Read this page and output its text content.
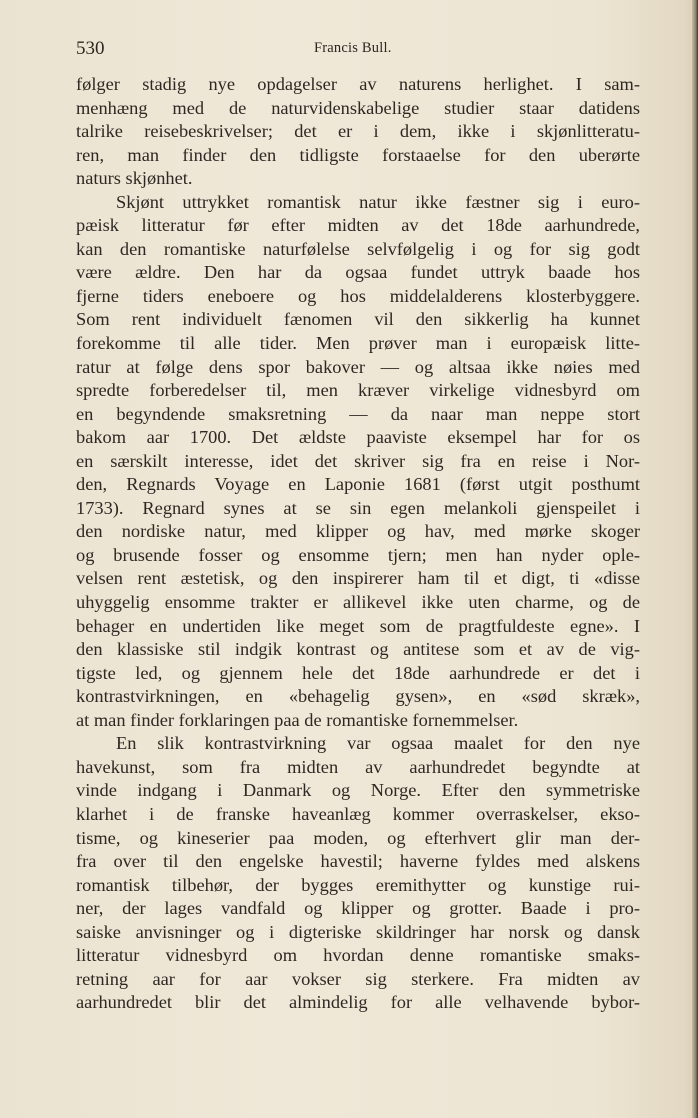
530	Francis Bull.
følger stadig nye opdagelser av naturens herlighet. I sam-
menhæng med de naturvidenskabelige studier staar datidens
talrike reisebeskrivelser; det er i dem, ikke i skjønlitteratu-
ren, man finder den tidligste forstaaelse for den uberørte
naturs skjønhet.
Skjønt uttrykket romantisk natur ikke fæstner sig i euro-
pæisk litteratur før efter midten av det 18de aarhundrede,
kan den romantiske naturfølelse selvfølgelig i og for sig godt
være ældre. Den har da ogsaa fundet uttryk baade hos
fjerne tiders eneboere og hos middelalderens klosterbyggere.
Som rent individuelt fænomen vil den sikkerlig ha kunnet
forekomme til alle tider. Men prøver man i europæisk litte-
ratur at følge dens spor bakover — og altsaa ikke nøies med
spredte forberedelser til, men kræver virkelige vidnesbyrd om
en begyndende smaksretning — da naar man neppe stort
bakom aar 1700. Det ældste paaviste eksempel har for os
en særskilt interesse, idet det skriver sig fra en reise i Nor-
den, Regnards Voyage en Laponie 1681 (først utgit posthumt
1733). Regnard synes at se sin egen melankoli gjenspeilet i
den nordiske natur, med klipper og hav, med mørke skoger
og brusende fosser og ensomme tjern; men han nyder ople-
velsen rent æstetisk, og den inspirerer ham til et digt, ti «disse
uhyggelig ensomme trakter er allikevel ikke uten charme, og de
behager en undertiden like meget som de pragtfuldeste egne». I
den klassiske stil indgik kontrast og antitese som et av de vig-
tigste led, og gjennem hele det 18de aarhundrede er det i
kontrastvirkningen, en «behagelig gysen», en «sød skræk»,
at man finder forklaringen paa de romantiske fornemmelser.
En slik kontrastvirkning var ogsaa maalet for den nye
havekunst, som fra midten av aarhundredet begyndte at
vinde indgang i Danmark og Norge. Efter den symmetriske
klarhet i de franske haveanlæg kommer overraskelser, ekso-
tisme, og kineserier paa moden, og efterhvert glir man der-
fra over til den engelske havestil; haverne fyldes med alskens
romantisk tilbehør, der bygges eremithytter og kunstige rui-
ner, der lages vandfald og klipper og grotter. Baade i pro-
saiske anvisninger og i digteriske skildringer har norsk og dansk
litteratur vidnesbyrd om hvordan denne romantiske smaks-
retning aar for aar vokser sig sterkere. Fra midten av
aarhundredet blir det almindelig for alle velhavende bybor-
